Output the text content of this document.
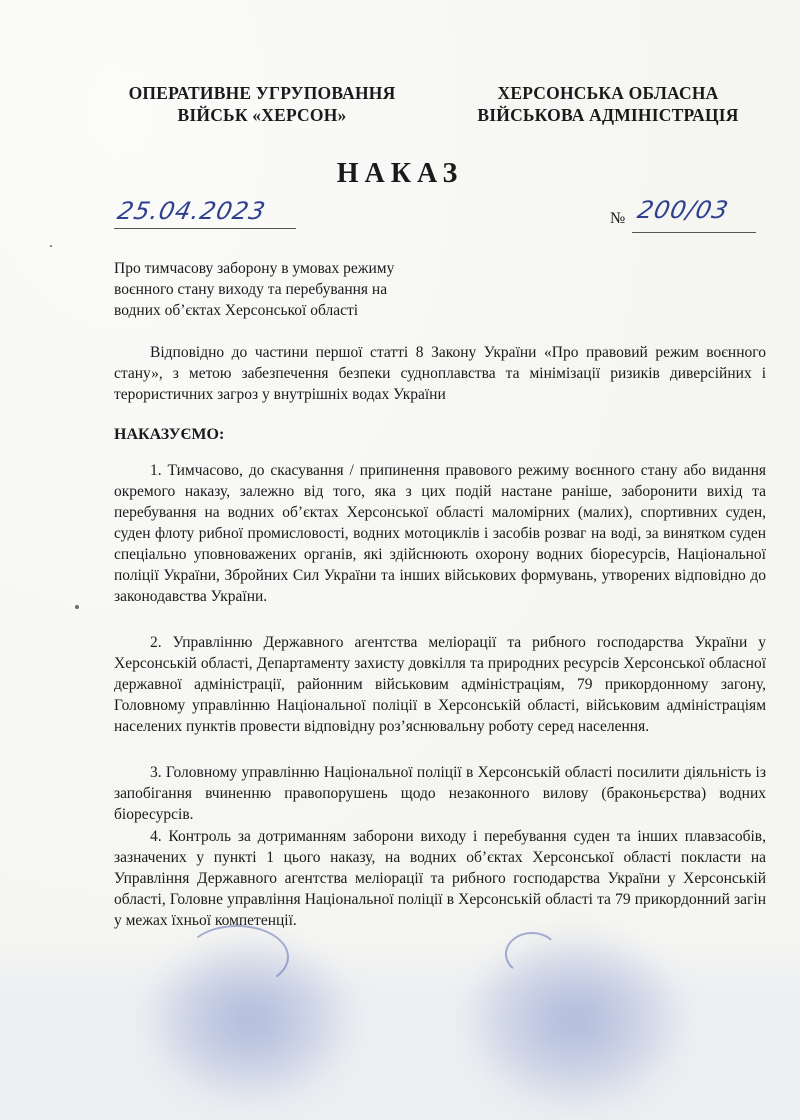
ОПЕРАТИВНЕ УГРУПОВАННЯ
ВІЙСЬК «ХЕРСОН»
ХЕРСОНСЬКА ОБЛАСНА
ВІЙСЬКОВА АДМІНІСТРАЦІЯ
НАКАЗ
25.04.2023	№ 200/03
Про тимчасову заборону в умовах режиму
воєнного стану виходу та перебування на
водних об’єктах Херсонської області
Відповідно до частини першої статті 8 Закону України «Про правовий режим воєнного стану», з метою забезпечення безпеки судноплавства та мінімізації ризиків диверсійних і терористичних загроз у внутрішніх водах України
НАКАЗУЄМО:
1. Тимчасово, до скасування / припинення правового режиму воєнного стану або видання окремого наказу, залежно від того, яка з цих подій настане раніше, заборонити вихід та перебування на водних об’єктах Херсонської області маломірних (малих), спортивних суден, суден флоту рибної промисловості, водних мотоциклів і засобів розваг на воді, за винятком суден спеціально уповноважених органів, які здійснюють охорону водних біоресурсів, Національної поліції України, Збройних Сил України та інших військових формувань, утворених відповідно до законодавства України.
2. Управлінню Державного агентства меліорації та рибного господарства України у Херсонській області, Департаменту захисту довкілля та природних ресурсів Херсонської обласної державної адміністрації, районним військовим адміністраціям, 79 прикордонному загону, Головному управлінню Національної поліції в Херсонській області, військовим адміністраціям населених пунктів провести відповідну роз’яснювальну роботу серед населення.
3. Головному управлінню Національної поліції в Херсонській області посилити діяльність із запобігання вчиненню правопорушень щодо незаконного вилову (браконьєрства) водних біоресурсів.
4. Контроль за дотриманням заборони виходу і перебування суден та інших плавзасобів, зазначених у пункті 1 цього наказу, на водних об’єктах Херсонської області покласти на Управління Державного агентства меліорації та рибного господарства України у Херсонській області, Головне управління Національної поліції в Херсонській області та 79 прикордонний загін у межах їхньої компетенції.
